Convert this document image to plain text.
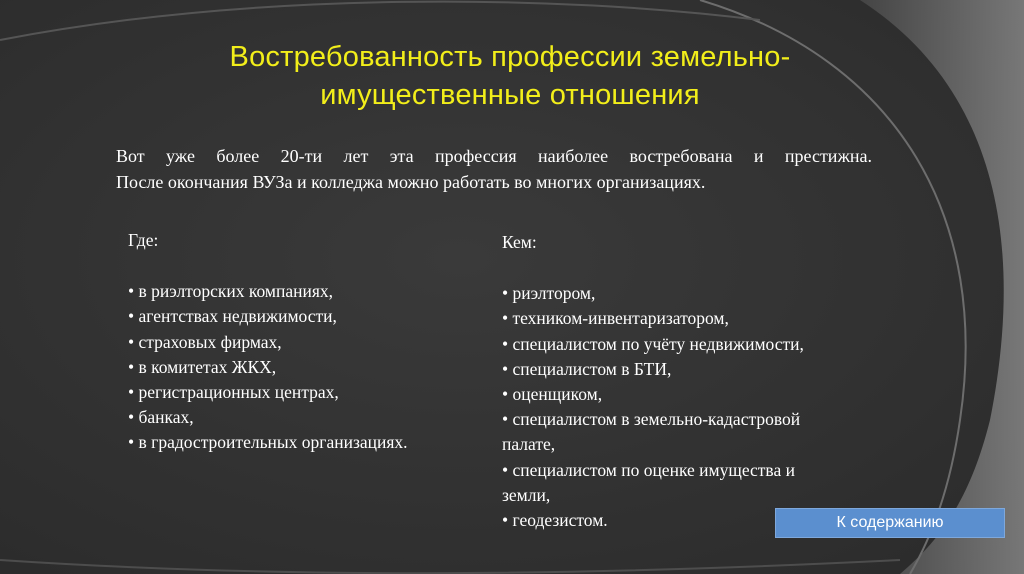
Востребованность профессии земельно-
имущественные отношения

Вот уже более 20-ти лет эта профессия наиболее востребована и престижна.

После окончания ВУЗа и колледжа можно работать во многих организациях.

Где:

• в риэлторских компаниях,
• агентствах недвижимости,
• страховых фирмах,
• в комитетах ЖКХ,
• регистрационных центрах,
• банках,
• в градостроительных организациях.

Кем:

• риэлтором,
• техником-инвентаризатором,
• специалистом по учёту недвижимости,
• специалистом в БТИ,
• оценщиком,
• специалистом в земельно-кадастровой
палате,
• специалистом по оценке имущества и
земли,
• геодезистом.	К содержанию
